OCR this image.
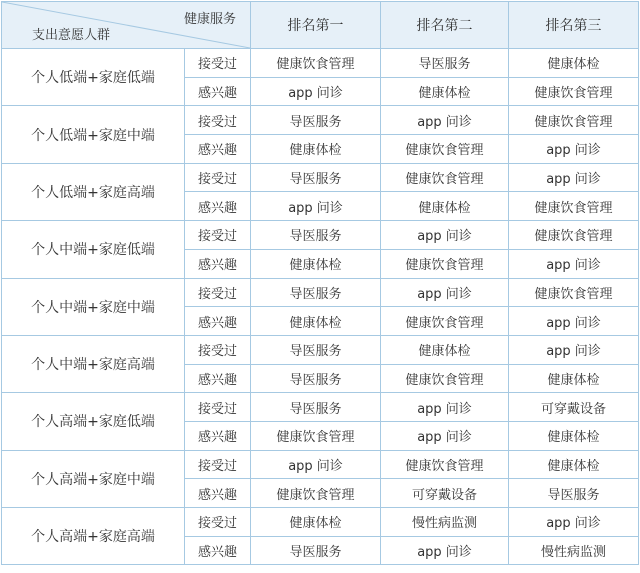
健康服务
支出意愿人群		排名第一	排名第二	排名第三
个人低端+家庭低端	接受过	健康饮食管理	导医服务	健康体检
	感兴趣	app 问诊	健康体检	健康饮食管理
个人低端+家庭中端	接受过	导医服务	app 问诊	健康饮食管理
	感兴趣	健康体检	健康饮食管理	app 问诊
个人低端+家庭高端	接受过	导医服务	健康饮食管理	app 问诊
	感兴趣	app 问诊	健康体检	健康饮食管理
个人中端+家庭低端	接受过	导医服务	app 问诊	健康饮食管理
	感兴趣	健康体检	健康饮食管理	app 问诊
个人中端+家庭中端	接受过	导医服务	app 问诊	健康饮食管理
	感兴趣	健康体检	健康饮食管理	app 问诊
个人中端+家庭高端	接受过	导医服务	健康体检	app 问诊
	感兴趣	导医服务	健康饮食管理	健康体检
个人高端+家庭低端	接受过	导医服务	app 问诊	可穿戴设备
	感兴趣	健康饮食管理	app 问诊	健康体检
个人高端+家庭中端	接受过	app 问诊	健康饮食管理	健康体检
	感兴趣	健康饮食管理	可穿戴设备	导医服务
个人高端+家庭高端	接受过	健康体检	慢性病监测	app 问诊
	感兴趣	导医服务	app 问诊	慢性病监测
